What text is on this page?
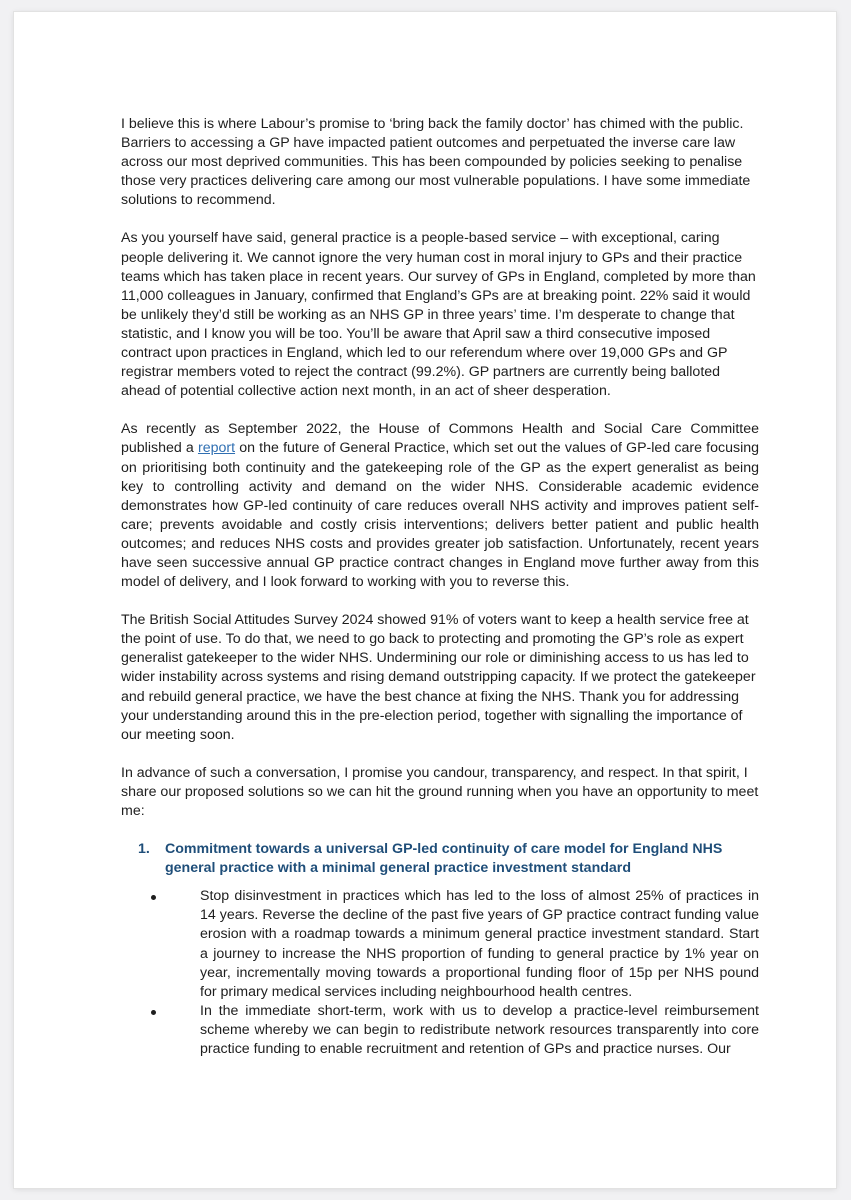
I believe this is where Labour’s promise to ‘bring back the family doctor’ has chimed with the public. Barriers to accessing a GP have impacted patient outcomes and perpetuated the inverse care law across our most deprived communities. This has been compounded by policies seeking to penalise those very practices delivering care among our most vulnerable populations. I have some immediate solutions to recommend.

As you yourself have said, general practice is a people-based service – with exceptional, caring people delivering it. We cannot ignore the very human cost in moral injury to GPs and their practice teams which has taken place in recent years. Our survey of GPs in England, completed by more than 11,000 colleagues in January, confirmed that England’s GPs are at breaking point. 22% said it would be unlikely they’d still be working as an NHS GP in three years’ time. I’m desperate to change that statistic, and I know you will be too. You’ll be aware that April saw a third consecutive imposed contract upon practices in England, which led to our referendum where over 19,000 GPs and GP registrar members voted to reject the contract (99.2%). GP partners are currently being balloted ahead of potential collective action next month, in an act of sheer desperation.

As recently as September 2022, the House of Commons Health and Social Care Committee published a report on the future of General Practice, which set out the values of GP-led care focusing on prioritising both continuity and the gatekeeping role of the GP as the expert generalist as being key to controlling activity and demand on the wider NHS. Considerable academic evidence demonstrates how GP-led continuity of care reduces overall NHS activity and improves patient self-care; prevents avoidable and costly crisis interventions; delivers better patient and public health outcomes; and reduces NHS costs and provides greater job satisfaction. Unfortunately, recent years have seen successive annual GP practice contract changes in England move further away from this model of delivery, and I look forward to working with you to reverse this.

The British Social Attitudes Survey 2024 showed 91% of voters want to keep a health service free at the point of use. To do that, we need to go back to protecting and promoting the GP’s role as expert generalist gatekeeper to the wider NHS. Undermining our role or diminishing access to us has led to wider instability across systems and rising demand outstripping capacity. If we protect the gatekeeper and rebuild general practice, we have the best chance at fixing the NHS. Thank you for addressing your understanding around this in the pre-election period, together with signalling the importance of our meeting soon.

In advance of such a conversation, I promise you candour, transparency, and respect. In that spirit, I share our proposed solutions so we can hit the ground running when you have an opportunity to meet me:

1.	Commitment towards a universal GP-led continuity of care model for England NHS general practice with a minimal general practice investment standard
Stop disinvestment in practices which has led to the loss of almost 25% of practices in 14 years. Reverse the decline of the past five years of GP practice contract funding value erosion with a roadmap towards a minimum general practice investment standard. Start a journey to increase the NHS proportion of funding to general practice by 1% year on year, incrementally moving towards a proportional funding floor of 15p per NHS pound for primary medical services including neighbourhood health centres.
In the immediate short-term, work with us to develop a practice-level reimbursement scheme whereby we can begin to redistribute network resources transparently into core practice funding to enable recruitment and retention of GPs and practice nurses. Our
